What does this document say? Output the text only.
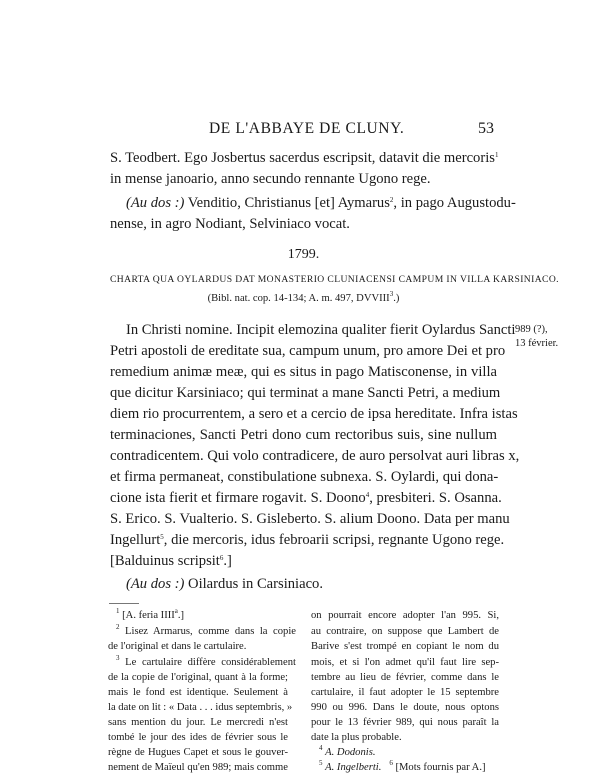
DE L'ABBAYE DE CLUNY.	53
S. Teodbert. Ego Josbertus sacerdus escripsit, datavit die mercoris$^1$
in mense janoario, anno secundo rennante Ugono rege.
(Au dos :) Venditio, Christianus [et] Aymarus$^2$, in pago Augustodu-
nense, in agro Nodiant, Selviniaco vocat.
1799.
CHARTA QUA OYLARDUS DAT MONASTERIO CLUNIACENSI CAMPUM IN VILLA KARSINIACO.
(Bibl. nat. cop. 14-134; A. m. 497, DVVIII$^3$.)
989 (?),
13 février.
In Christi nomine. Incipit elemozina qualiter fierit Oylardus Sancti
Petri apostoli de ereditate sua, campum unum, pro amore Dei et pro
remedium animæ meæ, qui es situs in pago Matisconense, in villa
que dicitur Karsiniaco; qui terminat a mane Sancti Petri, a medium
diem rio procurrentem, a sero et a cercio de ipsa hereditate. Infra istas
terminaciones, Sancti Petri dono cum rectoribus suis, sine nullum
contradicentem. Qui volo contradicere, de auro persolvat auri libras x,
et firma permaneat, constibulatione subnexa. S. Oylardi, qui dona-
cione ista fierit et firmare rogavit. S. Doono$^4$, presbiteri. S. Osanna.
S. Erico. S. Vualterio. S. Gisleberto. S. alium Doono. Data per manu
Ingellurt$^5$, die mercoris, idus febroarii scripsi, regnante Ugono rege.
[Balduinus scripsit$^6$.]
(Au dos :) Oilardus in Carsiniaco.
$^1$ [A. feria IIII$^a$.]
$^2$ Lisez Armarus, comme dans la copie
de l'original et dans le cartulaire.
$^3$ Le cartulaire diffère considérablement
de la copie de l'original, quant à la forme;
mais le fond est identique. Seulement à
la date on lit : « Data . . . idus septembris, »
sans mention du jour. Le mercredi n'est
tombé le jour des ides de février sous le
règne de Hugues Capet et sous le gouver-
nement de Maïeul qu'en 989; mais comme
on pourrait encore adopter l'an 995. Si,
au contraire, on suppose que Lambert de
Barive s'est trompé en copiant le nom du
mois, et si l'on admet qu'il faut lire sep-
tembre au lieu de février, comme dans le
cartulaire, il faut adopter le 15 septembre
990 ou 996. Dans le doute, nous optons
pour le 13 février 989, qui nous paraît la
date la plus probable.
$^4$ A. Dodonis.
$^5$ A. Ingelberti. $^6$ [Mots fournis par A.]
